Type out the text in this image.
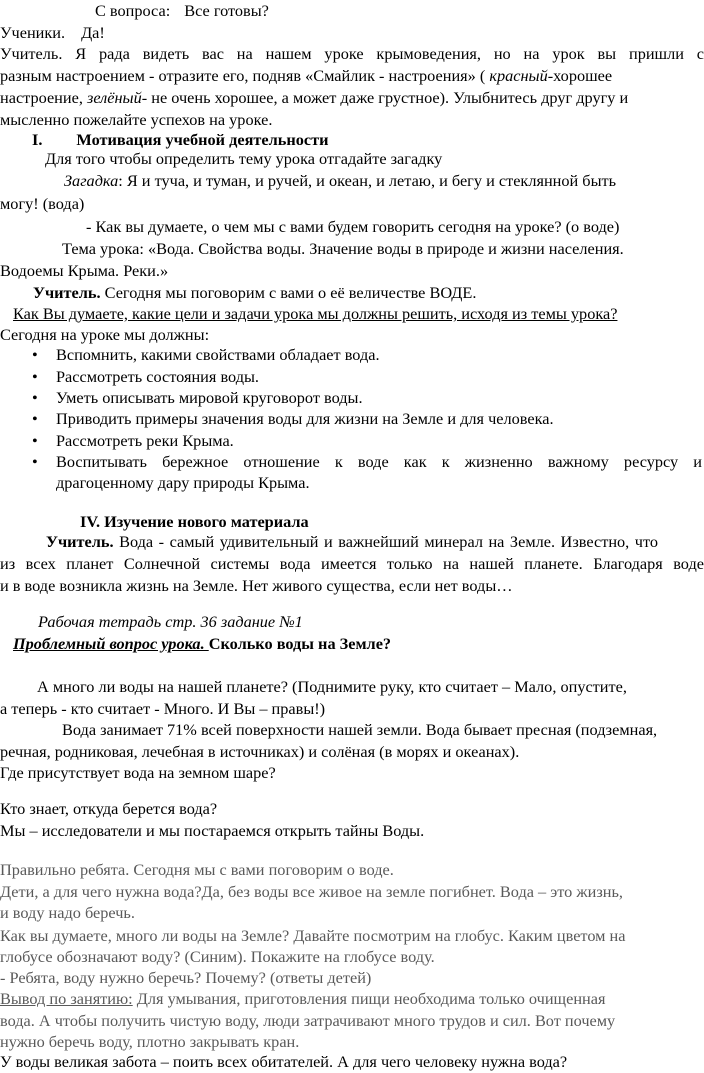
С вопроса: Все готовы?
Ученики. Да!
Учитель. Я рада видеть вас на нашем уроке крымоведения, но на урок вы пришли с
разным настроением - отразите его, подняв «Смайлик - настроения» ( красный-хорошее
настроение, зелёный- не очень хорошее, а может даже грустное). Улыбнитесь друг другу и
мысленно пожелайте успехов на уроке.
I. Мотивация учебной деятельности
Для того чтобы определить тему урока отгадайте загадку
Загадка: Я и туча, и туман, и ручей, и океан, и летаю, и бегу и стеклянной быть
могу! (вода)
- Как вы думаете, о чем мы с вами будем говорить сегодня на уроке? (о воде)
Тема урока: «Вода. Свойства воды. Значение воды в природе и жизни населения.
Водоемы Крыма. Реки.»
Учитель. Сегодня мы поговорим с вами о её величестве ВОДЕ.
Как Вы думаете, какие цели и задачи урока мы должны решить, исходя из темы урока?
Сегодня на уроке мы должны:
• Вспомнить, какими свойствами обладает вода.
• Рассмотреть состояния воды.
• Уметь описывать мировой круговорот воды.
• Приводить примеры значения воды для жизни на Земле и для человека.
• Рассмотреть реки Крыма.
• Воспитывать бережное отношение к воде как к жизненно важному ресурсу и
драгоценному дару природы Крыма.
IV. Изучение нового материала
Учитель. Вода - самый удивительный и важнейший минерал на Земле. Известно, что
из всех планет Солнечной системы вода имеется только на нашей планете. Благодаря воде
и в воде возникла жизнь на Земле. Нет живого существа, если нет воды…
Рабочая тетрадь стр. 36 задание №1
Проблемный вопрос урока. Сколько воды на Земле?
А много ли воды на нашей планете? (Поднимите руку, кто считает – Мало, опустите,
а теперь - кто считает - Много. И Вы – правы!)
Вода занимает 71% всей поверхности нашей земли. Вода бывает пресная (подземная,
речная, родниковая, лечебная в источниках) и солёная (в морях и океанах).
Где присутствует вода на земном шаре?
Кто знает, откуда берется вода?
Мы – исследователи и мы постараемся открыть тайны Воды.
Правильно ребята. Сегодня мы с вами поговорим о воде.
Дети, а для чего нужна вода?Да, без воды все живое на земле погибнет. Вода – это жизнь,
и воду надо беречь.
Как вы думаете, много ли воды на Земле? Давайте посмотрим на глобус. Каким цветом на
глобусе обозначают воду? (Синим). Покажите на глобусе воду.
- Ребята, воду нужно беречь? Почему? (ответы детей)
Вывод по занятию: Для умывания, приготовления пищи необходима только очищенная
вода. А чтобы получить чистую воду, люди затрачивают много трудов и сил. Вот почему
нужно беречь воду, плотно закрывать кран.
У воды великая забота – поить всех обитателей. А для чего человеку нужна вода?
